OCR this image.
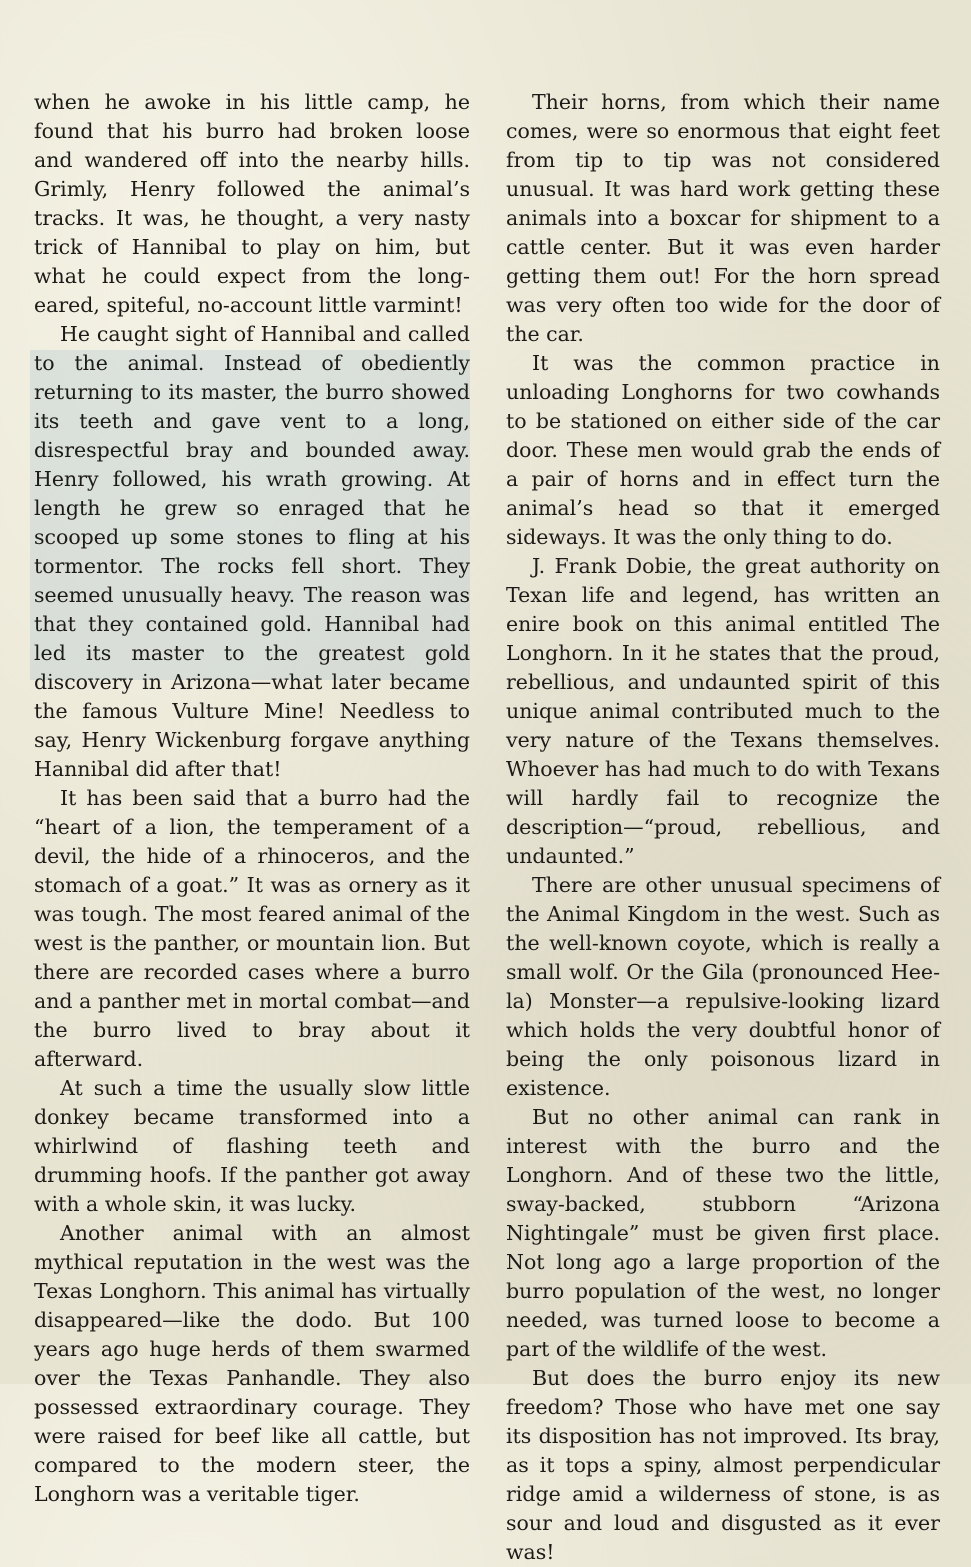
when he awoke in his little camp, he found that his burro had broken loose and wandered off into the nearby hills. Grimly, Henry followed the animal’s tracks. It was, he thought, a very nasty trick of Hannibal to play on him, but what he could expect from the long-eared, spiteful, no-account little varmint!

He caught sight of Hannibal and called to the animal. Instead of obediently returning to its master, the burro showed its teeth and gave vent to a long, disrespectful bray and bounded away. Henry followed, his wrath growing. At length he grew so enraged that he scooped up some stones to fling at his tormentor. The rocks fell short. They seemed unusually heavy. The reason was that they contained gold. Hannibal had led its master to the greatest gold discovery in Arizona—what later became the famous Vulture Mine! Needless to say, Henry Wickenburg forgave anything Hannibal did after that!

It has been said that a burro had the “heart of a lion, the temperament of a devil, the hide of a rhinoceros, and the stomach of a goat.” It was as ornery as it was tough. The most feared animal of the west is the panther, or mountain lion. But there are recorded cases where a burro and a panther met in mortal combat—and the burro lived to bray about it afterward.

At such a time the usually slow little donkey became transformed into a whirlwind of flashing teeth and drumming hoofs. If the panther got away with a whole skin, it was lucky.

Another animal with an almost mythical reputation in the west was the Texas Longhorn. This animal has virtually disappeared—like the dodo. But 100 years ago huge herds of them swarmed over the Texas Panhandle. They also possessed extraordinary courage. They were raised for beef like all cattle, but compared to the modern steer, the Longhorn was a veritable tiger.

Their horns, from which their name comes, were so enormous that eight feet from tip to tip was not considered unusual. It was hard work getting these animals into a boxcar for shipment to a cattle center. But it was even harder getting them out! For the horn spread was very often too wide for the door of the car.

It was the common practice in unloading Longhorns for two cowhands to be stationed on either side of the car door. These men would grab the ends of a pair of horns and in effect turn the animal’s head so that it emerged sideways. It was the only thing to do.

J. Frank Dobie, the great authority on Texan life and legend, has written an enire book on this animal entitled The Longhorn. In it he states that the proud, rebellious, and undaunted spirit of this unique animal contributed much to the very nature of the Texans themselves. Whoever has had much to do with Texans will hardly fail to recognize the description—“proud, rebellious, and undaunted.”

There are other unusual specimens of the Animal Kingdom in the west. Such as the well-known coyote, which is really a small wolf. Or the Gila (pronounced Hee-la) Monster—a repulsive-looking lizard which holds the very doubtful honor of being the only poisonous lizard in existence.

But no other animal can rank in interest with the burro and the Longhorn. And of these two the little, sway-backed, stubborn “Arizona Nightingale” must be given first place. Not long ago a large proportion of the burro population of the west, no longer needed, was turned loose to become a part of the wildlife of the west.

But does the burro enjoy its new freedom? Those who have met one say its disposition has not improved. Its bray, as it tops a spiny, almost perpendicular ridge amid a wilderness of stone, is as sour and loud and disgusted as it ever was!
